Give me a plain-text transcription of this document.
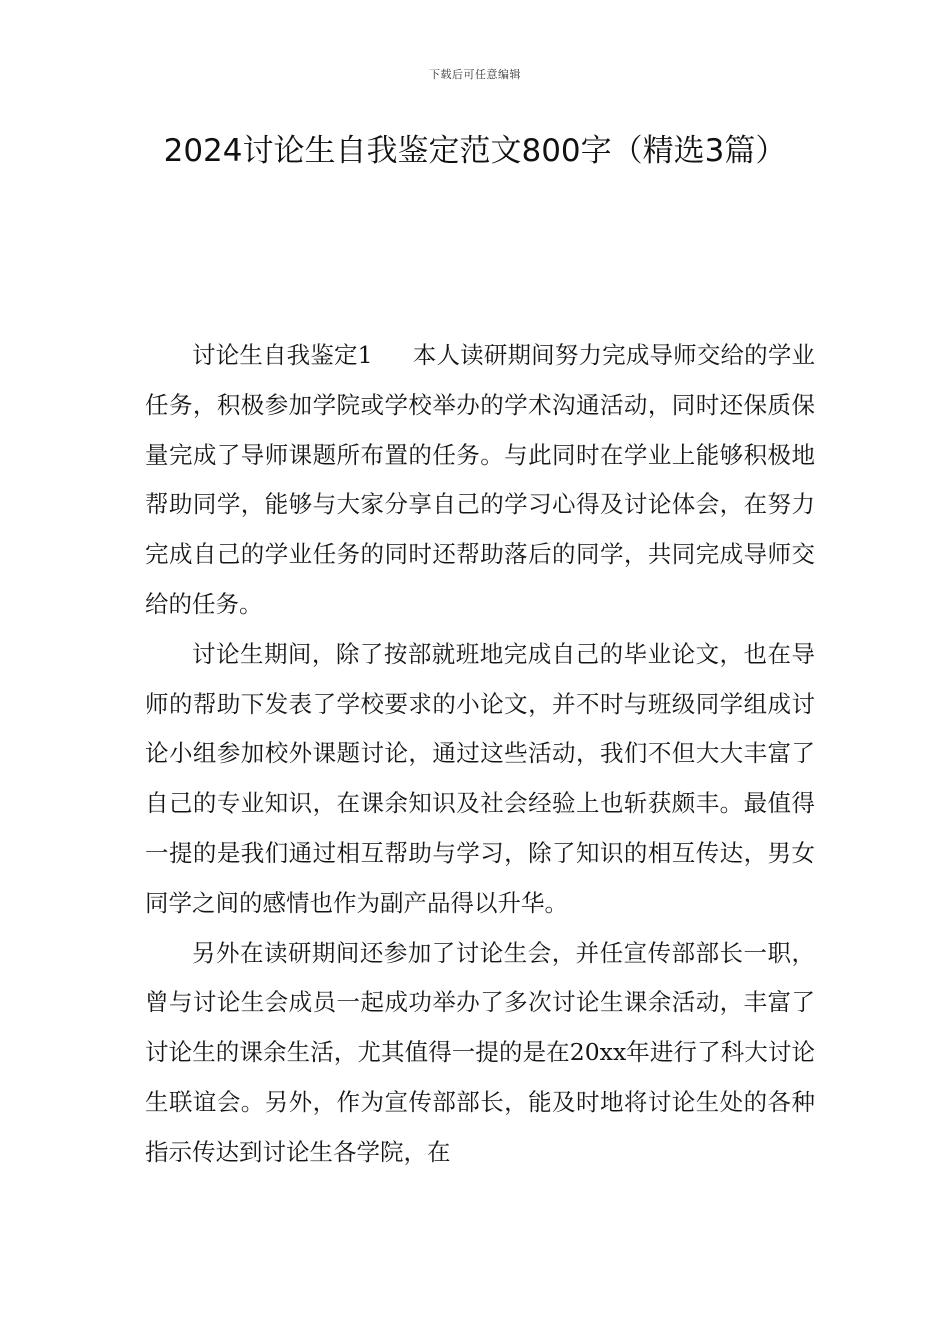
下载后可任意编辑
2024讨论生自我鉴定范文800字（精选3篇）

讨论生自我鉴定1 本人读研期间努力完成导师交给的学业任务，积极参加学院或学校举办的学术沟通活动，同时还保质保量完成了导师课题所布置的任务。与此同时在学业上能够积极地帮助同学，能够与大家分享自己的学习心得及讨论体会，在努力完成自己的学业任务的同时还帮助落后的同学，共同完成导师交给的任务。

讨论生期间，除了按部就班地完成自己的毕业论文，也在导师的帮助下发表了学校要求的小论文，并不时与班级同学组成讨论小组参加校外课题讨论，通过这些活动，我们不但大大丰富了自己的专业知识，在课余知识及社会经验上也斩获颇丰。最值得一提的是我们通过相互帮助与学习，除了知识的相互传达，男女同学之间的感情也作为副产品得以升华。

另外在读研期间还参加了讨论生会，并任宣传部部长一职，曾与讨论生会成员一起成功举办了多次讨论生课余活动，丰富了讨论生的课余生活，尤其值得一提的是在20xx年进行了科大讨论生联谊会。另外，作为宣传部部长，能及时地将讨论生处的各种指示传达到讨论生各学院，在
